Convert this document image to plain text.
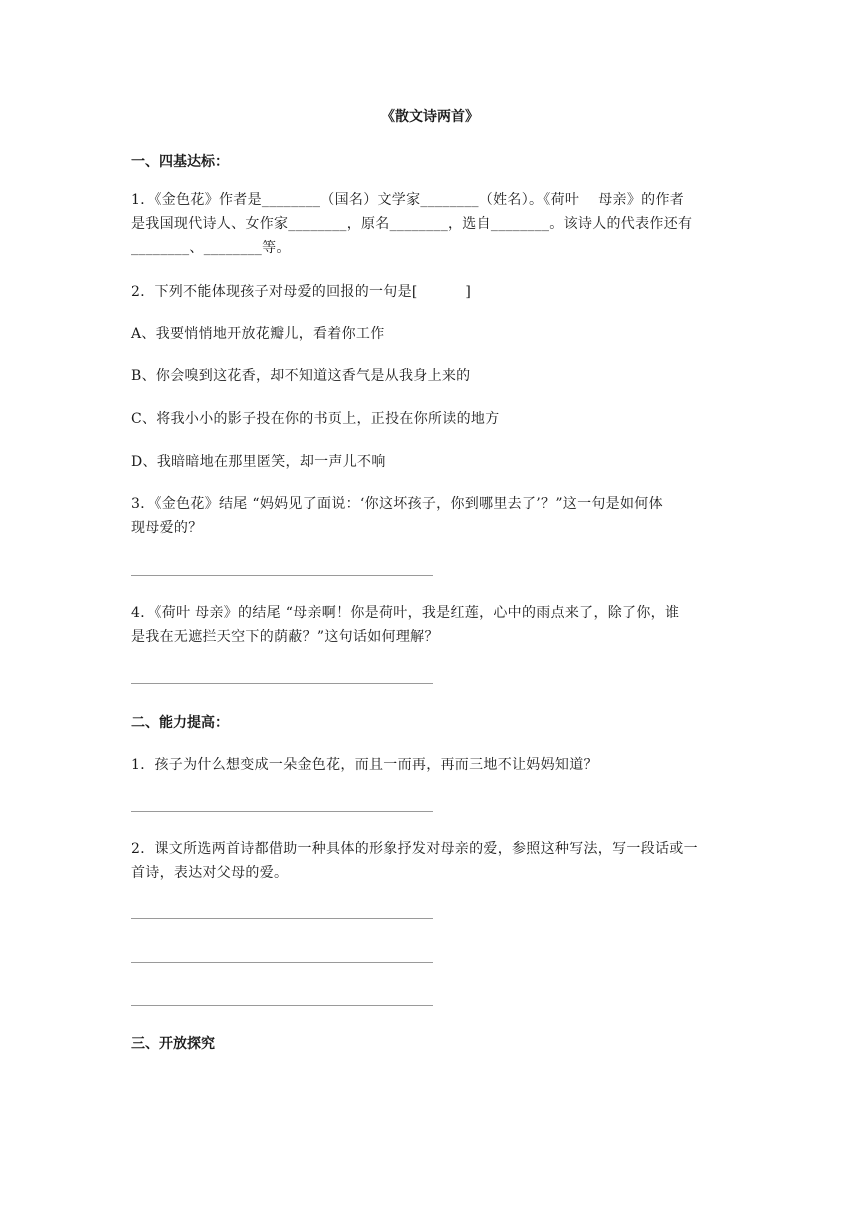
《散文诗两首》
一、四基达标：
1．《金色花》作者是________（国名）文学家________（姓名）。《荷叶　 母亲》的作者
是我国现代诗人、女作家________，原名________，选自________。该诗人的代表作还有
________、________等。
2．下列不能体现孩子对母爱的回报的一句是[　　　 ]
A、我要悄悄地开放花瓣儿，看着你工作
B、你会嗅到这花香，却不知道这香气是从我身上来的
C、将我小小的影子投在你的书页上，正投在你所读的地方
D、我暗暗地在那里匿笑，却一声儿不响
3．《金色花》结尾 “妈妈见了面说：‘你这坏孩子，你到哪里去了’？”这一句是如何体
现母爱的？
4．《荷叶 母亲》的结尾 “母亲啊！你是荷叶，我是红莲，心中的雨点来了，除了你，谁
是我在无遮拦天空下的荫蔽？”这句话如何理解？
二、能力提高：
1．孩子为什么想变成一朵金色花，而且一而再，再而三地不让妈妈知道？
2．课文所选两首诗都借助一种具体的形象抒发对母亲的爱，参照这种写法，写一段话或一
首诗，表达对父母的爱。
三、开放探究
